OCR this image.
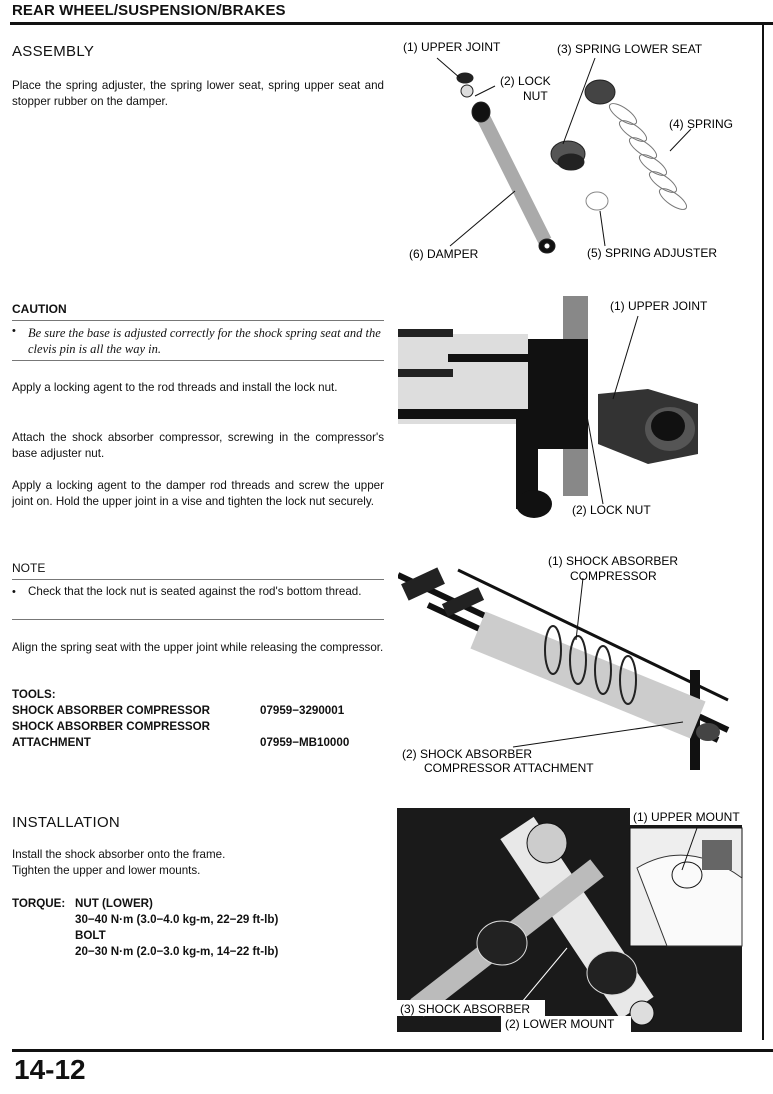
REAR WHEEL/SUSPENSION/BRAKES
ASSEMBLY
Place the spring adjuster, the spring lower seat, spring upper seat and stopper rubber on the damper.
CAUTION
• Be sure the base is adjusted correctly for the shock spring seat and the clevis pin is all the way in.
Apply a locking agent to the rod threads and install the lock nut.
Attach the shock absorber compressor, screwing in the compressor's base adjuster nut.
Apply a locking agent to the damper rod threads and screw the upper joint on. Hold the upper joint in a vise and tighten the lock nut securely.
NOTE
•	Check that the lock nut is seated against the rod's bottom thread.
Align the spring seat with the upper joint while releasing the compressor.
TOOLS:
SHOCK ABSORBER COMPRESSOR	07959−3290001
SHOCK ABSORBER COMPRESSOR
ATTACHMENT	07959−MB10000
INSTALLATION
Install the shock absorber onto the frame.
Tighten the upper and lower mounts.
TORQUE: NUT (LOWER)
30−40 N·m (3.0−4.0 kg-m, 22−29 ft-lb)
BOLT
20−30 N·m (2.0−3.0 kg-m, 14−22 ft-lb)
(1) UPPER JOINT
(2) LOCK
NUT
(3) SPRING LOWER SEAT
(4) SPRING
(5) SPRING ADJUSTER
(6) DAMPER
(1) UPPER JOINT
(2) LOCK NUT
(1) SHOCK ABSORBER
COMPRESSOR
(2) SHOCK ABSORBER
COMPRESSOR ATTACHMENT
(1) UPPER MOUNT
(3) SHOCK ABSORBER
(2) LOWER MOUNT
14-12
